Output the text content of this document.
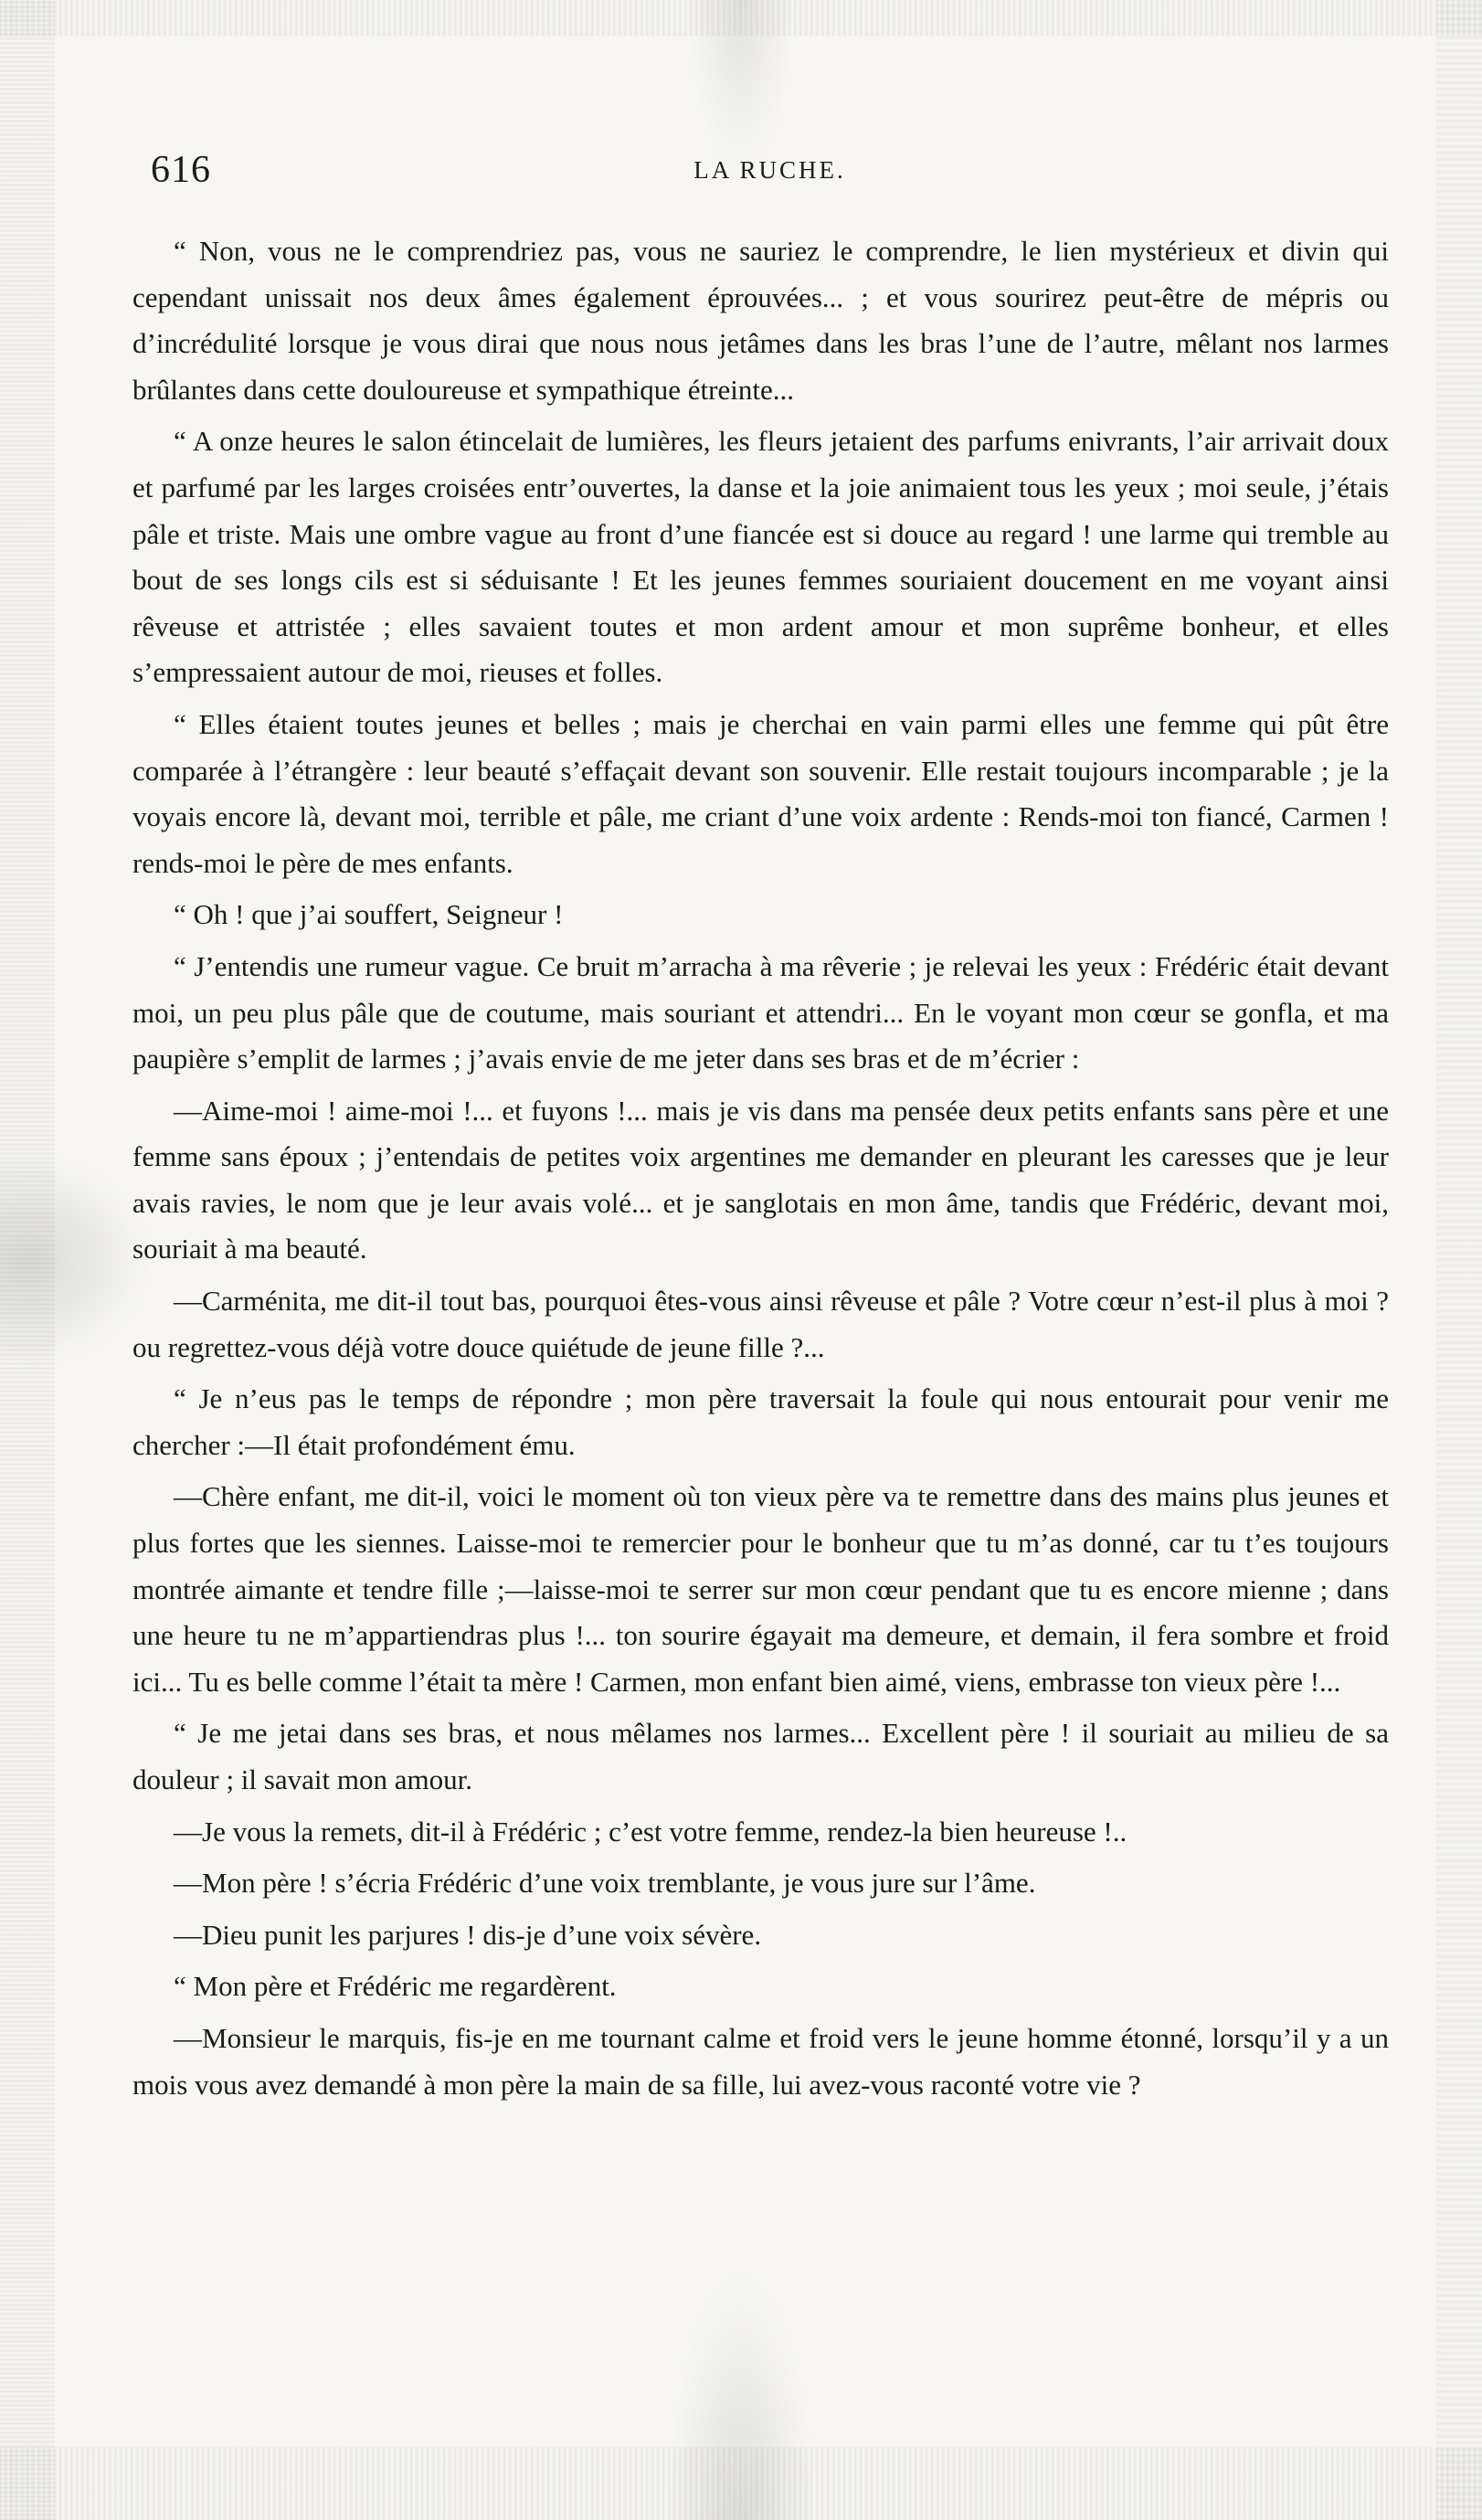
616	LA RUCHE.

“ Non, vous ne le comprendriez pas, vous ne sauriez le comprendre, le lien mystérieux et divin qui cependant unissait nos deux âmes également éprouvées... ; et vous sourirez peut-être de mépris ou d’incrédulité lorsque je vous dirai que nous nous jetâmes dans les bras l’une de l’autre, mêlant nos larmes brûlantes dans cette douloureuse et sympathique étreinte...

“ A onze heures le salon étincelait de lumières, les fleurs jetaient des parfums enivrants, l’air arrivait doux et parfumé par les larges croisées entr’ouvertes, la danse et la joie animaient tous les yeux ; moi seule, j’étais pâle et triste. Mais une ombre vague au front d’une fiancée est si douce au regard ! une larme qui tremble au bout de ses longs cils est si séduisante ! Et les jeunes femmes souriaient doucement en me voyant ainsi rêveuse et attristée ; elles savaient toutes et mon ardent amour et mon suprême bonheur, et elles s’empressaient autour de moi, rieuses et folles.

“ Elles étaient toutes jeunes et belles ; mais je cherchai en vain parmi elles une femme qui pût être comparée à l’étrangère : leur beauté s’effaçait devant son souvenir. Elle restait toujours incomparable ; je la voyais encore là, devant moi, terrible et pâle, me criant d’une voix ardente : Rends-moi ton fiancé, Carmen ! rends-moi le père de mes enfants.

“ Oh ! que j’ai souffert, Seigneur !

“ J’entendis une rumeur vague. Ce bruit m’arracha à ma rêverie ; je relevai les yeux : Frédéric était devant moi, un peu plus pâle que de coutume, mais souriant et attendri... En le voyant mon cœur se gonfla, et ma paupière s’emplit de larmes ; j’avais envie de me jeter dans ses bras et de m’écrier :

—Aime-moi ! aime-moi !... et fuyons !... mais je vis dans ma pensée deux petits enfants sans père et une femme sans époux ; j’entendais de petites voix argentines me demander en pleurant les caresses que je leur avais ravies, le nom que je leur avais volé... et je sanglotais en mon âme, tandis que Frédéric, devant moi, souriait à ma beauté.

—Carménita, me dit-il tout bas, pourquoi êtes-vous ainsi rêveuse et pâle ? Votre cœur n’est-il plus à moi ? ou regrettez-vous déjà votre douce quiétude de jeune fille ?...

“ Je n’eus pas le temps de répondre ; mon père traversait la foule qui nous entourait pour venir me chercher :—Il était profondément ému.

—Chère enfant, me dit-il, voici le moment où ton vieux père va te remettre dans des mains plus jeunes et plus fortes que les siennes. Laisse-moi te remercier pour le bonheur que tu m’as donné, car tu t’es toujours montrée aimante et tendre fille ;—laisse-moi te serrer sur mon cœur pendant que tu es encore mienne ; dans une heure tu ne m’appartiendras plus !... ton sourire égayait ma demeure, et demain, il fera sombre et froid ici... Tu es belle comme l’était ta mère ! Carmen, mon enfant bien aimé, viens, embrasse ton vieux père !...

“ Je me jetai dans ses bras, et nous mêlames nos larmes... Excellent père ! il souriait au milieu de sa douleur ; il savait mon amour.

—Je vous la remets, dit-il à Frédéric ; c’est votre femme, rendez-la bien heureuse !..

—Mon père ! s’écria Frédéric d’une voix tremblante, je vous jure sur l’âme.

—Dieu punit les parjures ! dis-je d’une voix sévère.

“ Mon père et Frédéric me regardèrent.

—Monsieur le marquis, fis-je en me tournant calme et froid vers le jeune homme étonné, lorsqu’il y a un mois vous avez demandé à mon père la main de sa fille, lui avez-vous raconté votre vie ?
